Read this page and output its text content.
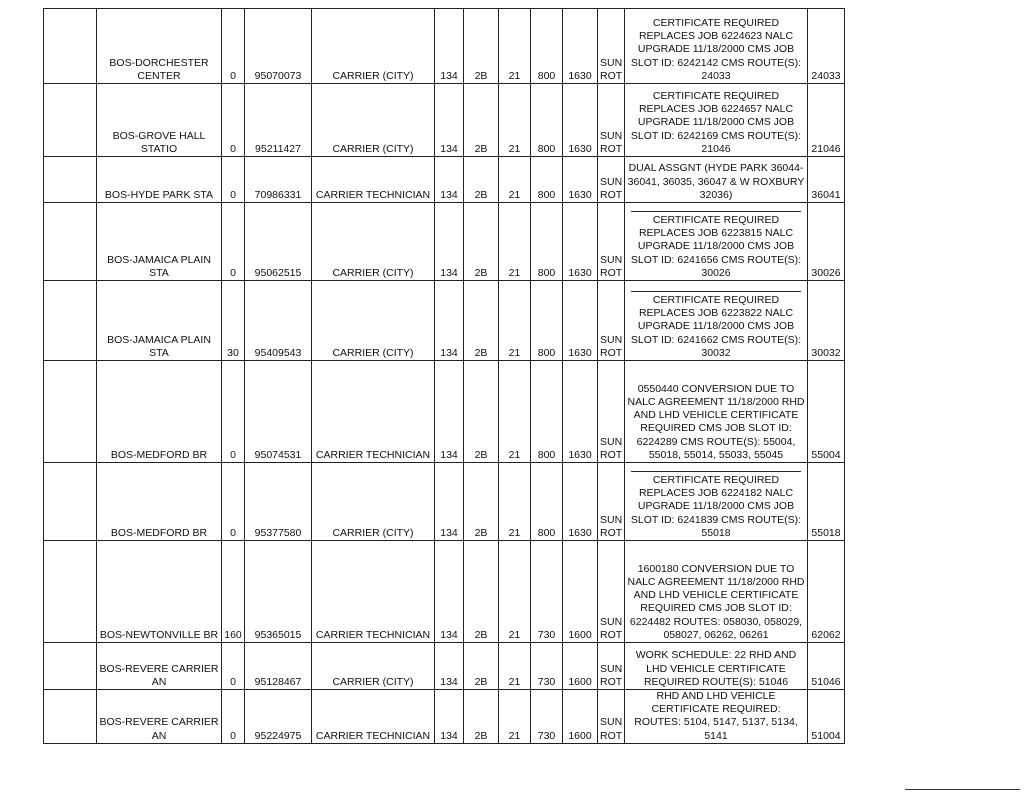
	BOS-DORCHESTER CENTER	0	95070073	CARRIER (CITY)	134	2B	21	800	1630	SUN ROT	CERTIFICATE REQUIRED REPLACES JOB 6224623 NALC UPGRADE 11/18/2000 CMS JOB SLOT ID: 6242142 CMS ROUTE(S): 24033	24033
	BOS-GROVE HALL STATIO	0	95211427	CARRIER (CITY)	134	2B	21	800	1630	SUN ROT	CERTIFICATE REQUIRED REPLACES JOB 6224657 NALC UPGRADE 11/18/2000 CMS JOB SLOT ID: 6242169 CMS ROUTE(S): 21046	21046
	BOS-HYDE PARK STA	0	70986331	CARRIER TECHNICIAN	134	2B	21	800	1630	SUN ROT	DUAL ASSGNT (HYDE PARK 36044-36041, 36035, 36047 & W ROXBURY 32036)	36041
	BOS-JAMAICA PLAIN STA	0	95062515	CARRIER (CITY)	134	2B	21	800	1630	SUN ROT	CERTIFICATE REQUIRED REPLACES JOB 6223815 NALC UPGRADE 11/18/2000 CMS JOB SLOT ID: 6241656 CMS ROUTE(S): 30026	30026
	BOS-JAMAICA PLAIN STA	30	95409543	CARRIER (CITY)	134	2B	21	800	1630	SUN ROT	CERTIFICATE REQUIRED REPLACES JOB 6223822 NALC UPGRADE 11/18/2000 CMS JOB SLOT ID: 6241662 CMS ROUTE(S): 30032	30032
	BOS-MEDFORD BR	0	95074531	CARRIER TECHNICIAN	134	2B	21	800	1630	SUN ROT	0550440 CONVERSION DUE TO NALC AGREEMENT 11/18/2000 RHD AND LHD VEHICLE CERTIFICATE REQUIRED CMS JOB SLOT ID: 6224289 CMS ROUTE(S): 55004, 55018, 55014, 55033, 55045	55004
	BOS-MEDFORD BR	0	95377580	CARRIER (CITY)	134	2B	21	800	1630	SUN ROT	CERTIFICATE REQUIRED REPLACES JOB 6224182 NALC UPGRADE 11/18/2000 CMS JOB SLOT ID: 6241839 CMS ROUTE(S): 55018	55018
	BOS-NEWTONVILLE BR	160	95365015	CARRIER TECHNICIAN	134	2B	21	730	1600	SUN ROT	1600180 CONVERSION DUE TO NALC AGREEMENT 11/18/2000 RHD AND LHD VEHICLE CERTIFICATE REQUIRED CMS JOB SLOT ID: 6224482 ROUTES: 058030, 058029, 058027, 06262, 06261	62062
	BOS-REVERE CARRIER AN	0	95128467	CARRIER (CITY)	134	2B	21	730	1600	SUN ROT	WORK SCHEDULE: 22 RHD AND LHD VEHICLE CERTIFICATE REQUIRED ROUTE(S): 51046	51046
	BOS-REVERE CARRIER AN	0	95224975	CARRIER TECHNICIAN	134	2B	21	730	1600	SUN ROT	RHD AND LHD VEHICLE CERTIFICATE REQUIRED: ROUTES: 5104, 5147, 5137, 5134, 5141	51004
